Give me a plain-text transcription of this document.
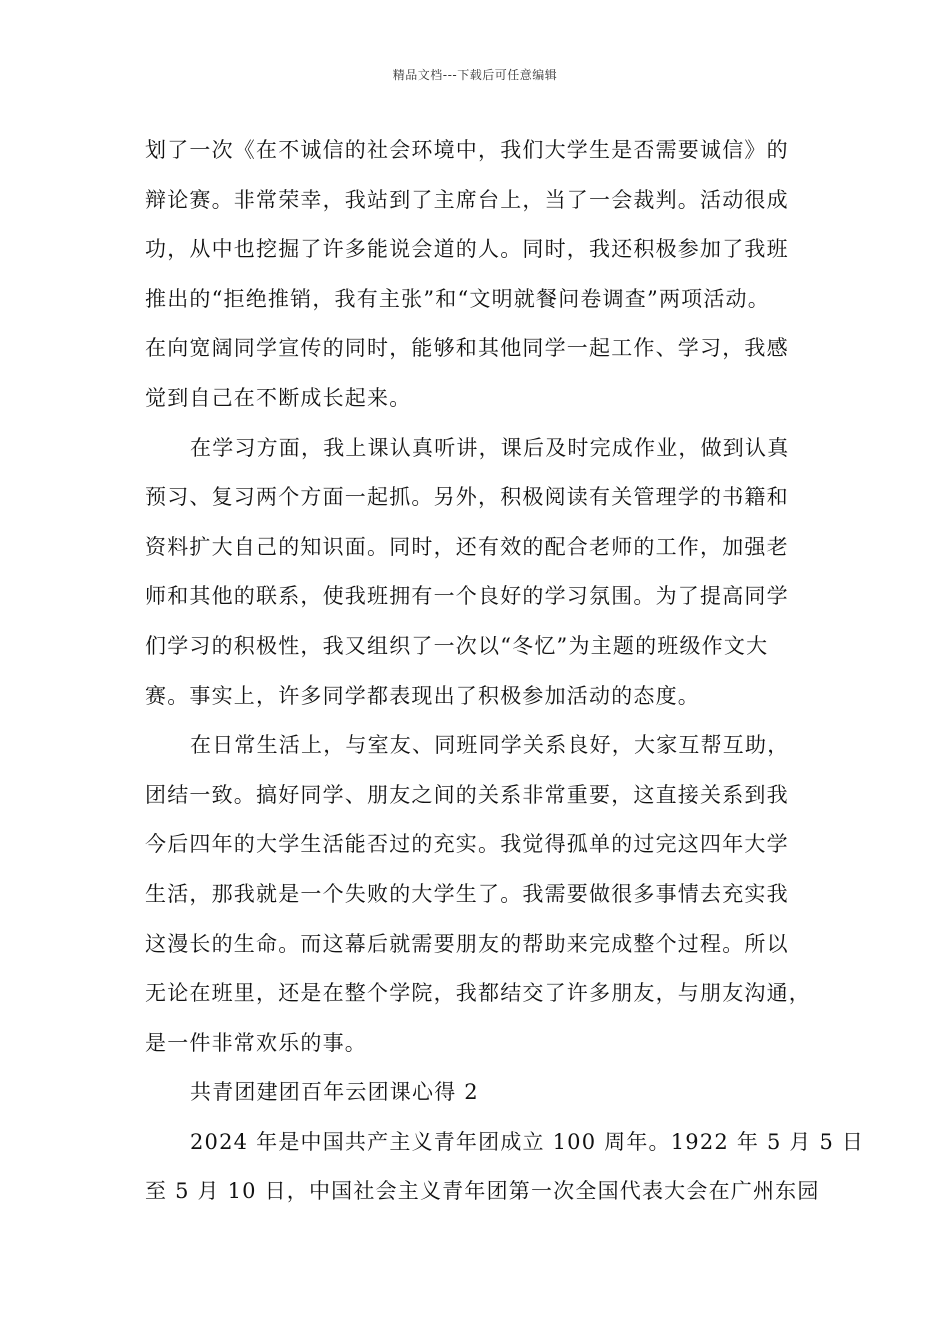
精品文档---下载后可任意编辑
划了一次《在不诚信的社会环境中，我们大学生是否需要诚信》的
辩论赛。非常荣幸，我站到了主席台上，当了一会裁判。活动很成
功，从中也挖掘了许多能说会道的人。同时，我还积极参加了我班
推出的“拒绝推销，我有主张”和“文明就餐问卷调查”两项活动。
在向宽阔同学宣传的同时，能够和其他同学一起工作、学习，我感
觉到自己在不断成长起来。
在学习方面，我上课认真听讲，课后及时完成作业，做到认真
预习、复习两个方面一起抓。另外，积极阅读有关管理学的书籍和
资料扩大自己的知识面。同时，还有效的配合老师的工作，加强老
师和其他的联系，使我班拥有一个良好的学习氛围。为了提高同学
们学习的积极性，我又组织了一次以“冬忆”为主题的班级作文大
赛。事实上，许多同学都表现出了积极参加活动的态度。
在日常生活上，与室友、同班同学关系良好，大家互帮互助，
团结一致。搞好同学、朋友之间的关系非常重要，这直接关系到我
今后四年的大学生活能否过的充实。我觉得孤单的过完这四年大学
生活，那我就是一个失败的大学生了。我需要做很多事情去充实我
这漫长的生命。而这幕后就需要朋友的帮助来完成整个过程。所以
无论在班里，还是在整个学院，我都结交了许多朋友，与朋友沟通，
是一件非常欢乐的事。
共青团建团百年云团课心得 2
2024 年是中国共产主义青年团成立 100 周年。1922 年 5 月 5 日
至 5 月 10 日，中国社会主义青年团第一次全国代表大会在广州东园
